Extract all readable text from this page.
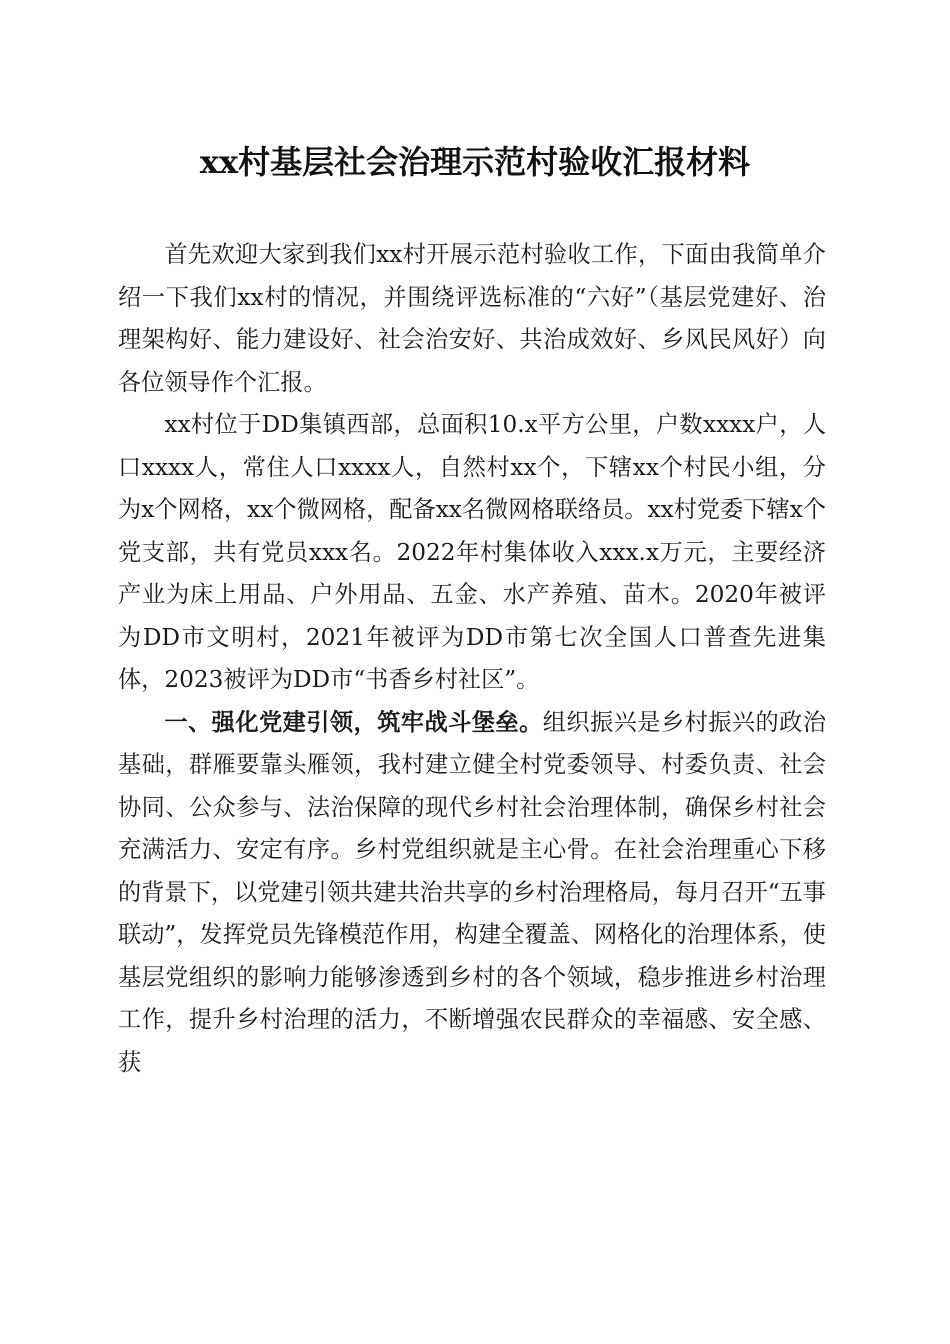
xx村基层社会治理示范村验收汇报材料

首先欢迎大家到我们xx村开展示范村验收工作，下面由我简单介绍一下我们xx村的情况，并围绕评选标准的“六好”（基层党建好、治理架构好、能力建设好、社会治安好、共治成效好、乡风民风好）向各位领导作个汇报。

xx村位于DD集镇西部，总面积10.x平方公里，户数xxxx户，人口xxxx人，常住人口xxxx人，自然村xx个，下辖xx个村民小组，分为x个网格，xx个微网格，配备xx名微网格联络员。xx村党委下辖x个党支部，共有党员xxx名。2022年村集体收入xxx.x万元，主要经济产业为床上用品、户外用品、五金、水产养殖、苗木。2020年被评为DD市文明村，2021年被评为DD市第七次全国人口普查先进集体，2023被评为DD市“书香乡村社区”。

一、强化党建引领，筑牢战斗堡垒。组织振兴是乡村振兴的政治基础，群雁要靠头雁领，我村建立健全村党委领导、村委负责、社会协同、公众参与、法治保障的现代乡村社会治理体制，确保乡村社会充满活力、安定有序。乡村党组织就是主心骨。在社会治理重心下移的背景下，以党建引领共建共治共享的乡村治理格局，每月召开“五事联动”，发挥党员先锋模范作用，构建全覆盖、网格化的治理体系，使基层党组织的影响力能够渗透到乡村的各个领域，稳步推进乡村治理工作，提升乡村治理的活力，不断增强农民群众的幸福感、安全感、获
